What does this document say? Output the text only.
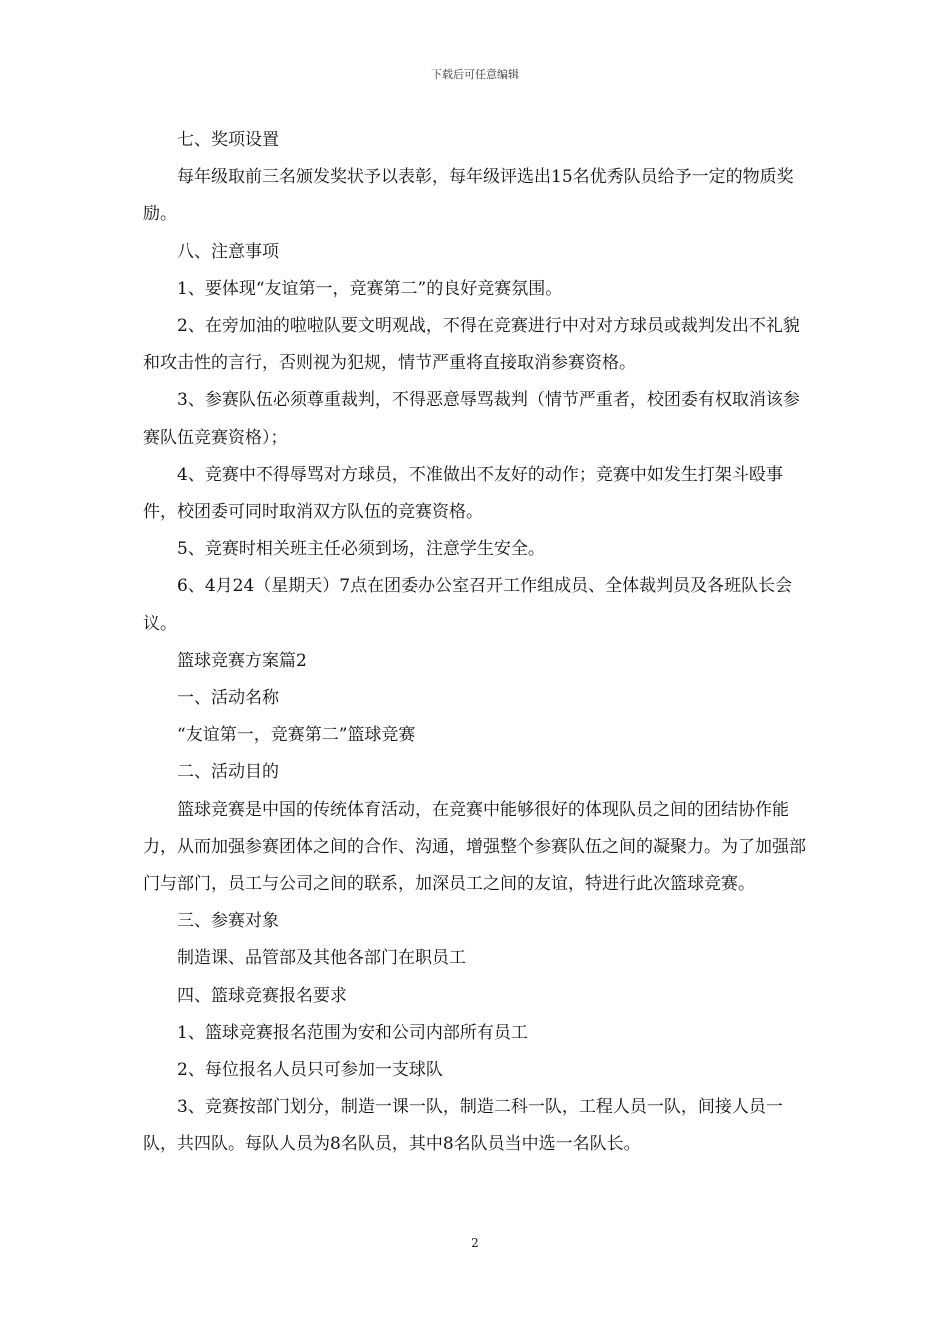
下载后可任意编辑

七、奖项设置

每年级取前三名颁发奖状予以表彰，每年级评选出15名优秀队员给予一定的物质奖励。

八、注意事项

1、要体现“友谊第一，竞赛第二”的良好竞赛氛围。

2、在旁加油的啦啦队要文明观战，不得在竞赛进行中对对方球员或裁判发出不礼貌和攻击性的言行，否则视为犯规，情节严重将直接取消参赛资格。

3、参赛队伍必须尊重裁判，不得恶意辱骂裁判（情节严重者，校团委有权取消该参赛队伍竞赛资格）；

4、竞赛中不得辱骂对方球员，不准做出不友好的动作；竞赛中如发生打架斗殴事件，校团委可同时取消双方队伍的竞赛资格。

5、竞赛时相关班主任必须到场，注意学生安全。

6、4月24（星期天）7点在团委办公室召开工作组成员、全体裁判员及各班队长会议。

篮球竞赛方案篇2

一、活动名称

“友谊第一，竞赛第二”篮球竞赛

二、活动目的

篮球竞赛是中国的传统体育活动，在竞赛中能够很好的体现队员之间的团结协作能力，从而加强参赛团体之间的合作、沟通，增强整个参赛队伍之间的凝聚力。为了加强部门与部门，员工与公司之间的联系，加深员工之间的友谊，特进行此次篮球竞赛。

三、参赛对象

制造课、品管部及其他各部门在职员工

四、篮球竞赛报名要求

1、篮球竞赛报名范围为安和公司内部所有员工

2、每位报名人员只可参加一支球队

3、竞赛按部门划分，制造一课一队，制造二科一队，工程人员一队，间接人员一队，共四队。每队人员为8名队员，其中8名队员当中选一名队长。

2
